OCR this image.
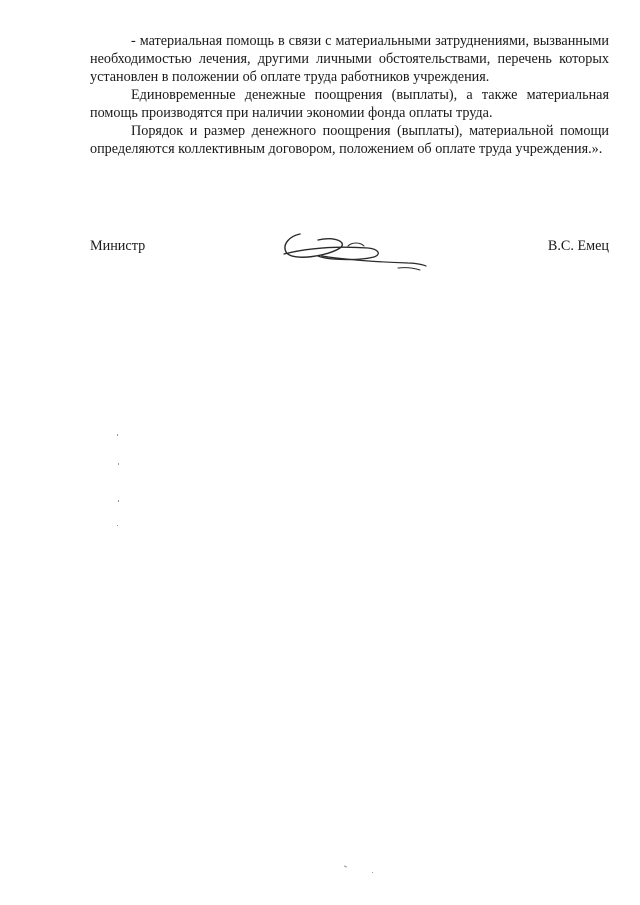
- материальная помощь в связи с материальными затруднениями, вызванными необходимостью лечения, другими личными обстоятельствами, перечень которых установлен в положении об оплате труда работников учреждения.

Единовременные денежные поощрения (выплаты), а также материальная помощь производятся при наличии экономии фонда оплаты труда.

Порядок и размер денежного поощрения (выплаты), материальной помощи определяются коллективным договором, положением об оплате труда учреждения.».

Министр	В.С. Емец
